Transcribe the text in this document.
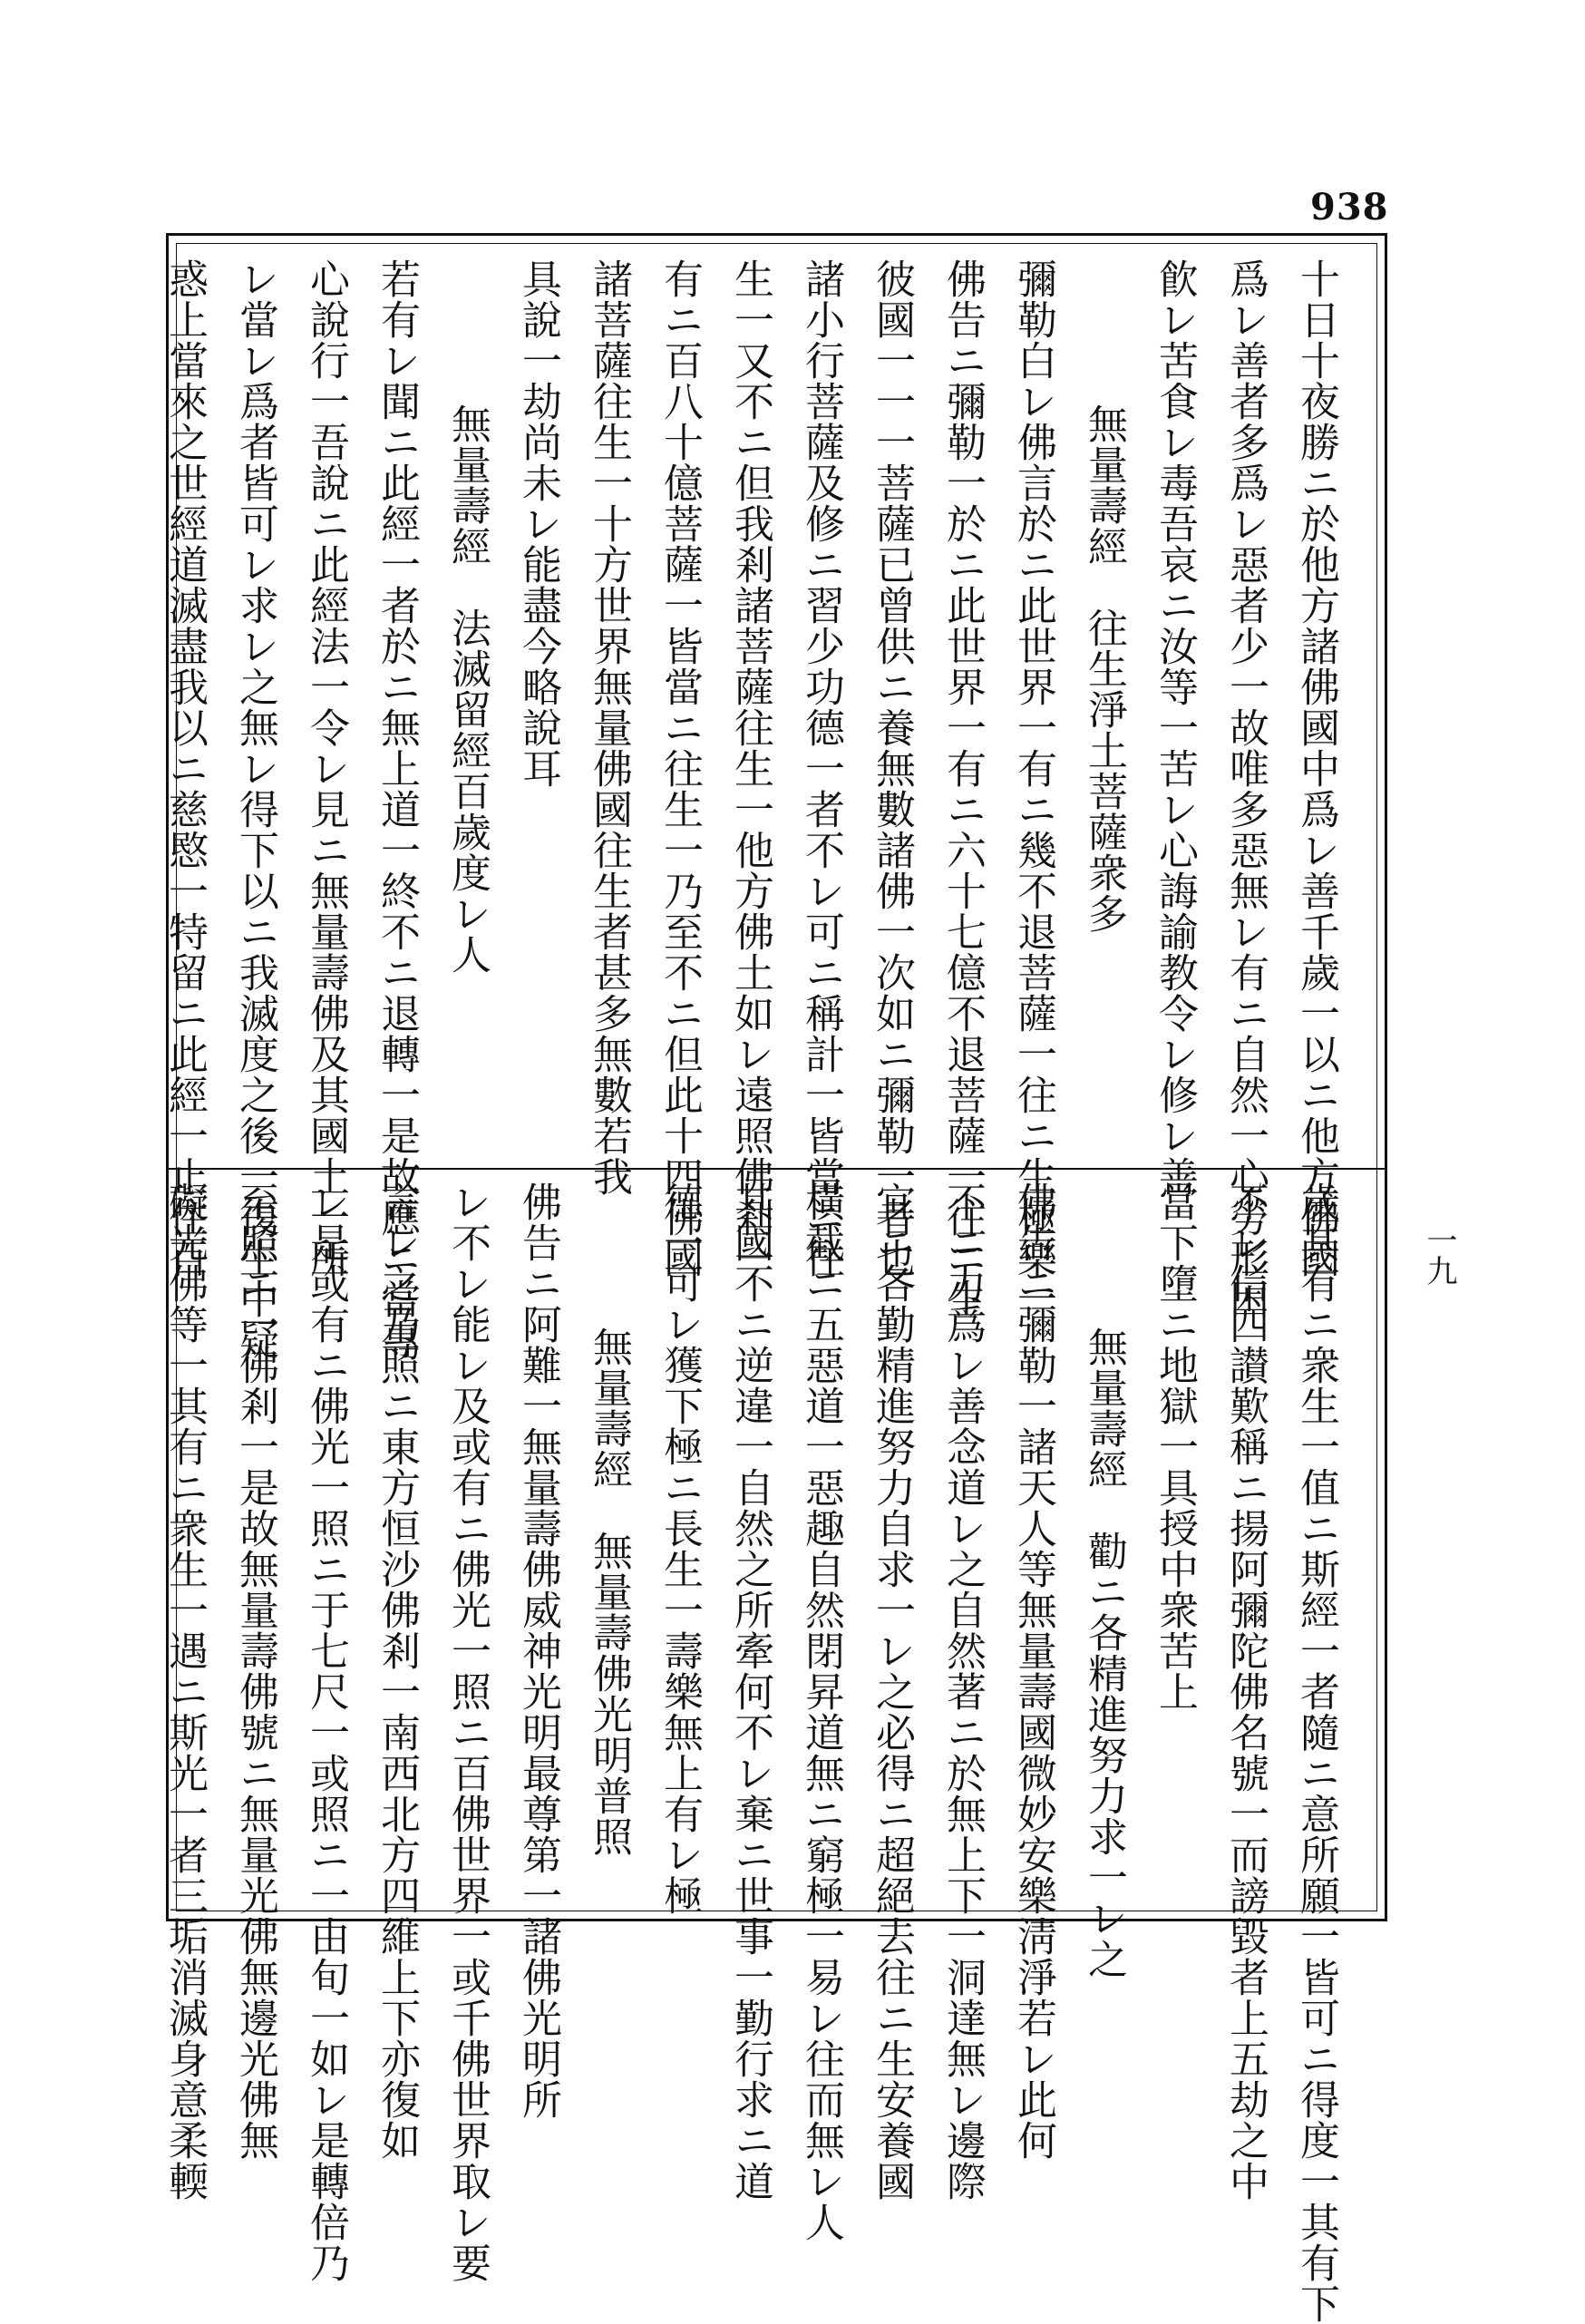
938
一九
十日十夜勝ニ於他方諸佛國中爲レ善千歲一以ニ他方佛國
爲レ善者多爲レ惡者少一故唯多惡無レ有ニ自然一心勞形困
飮レ苦食レ毒吾哀ニ汝等一苦レ心誨諭教令レ修レ善
無量壽經　往生淨土菩薩衆多
彌勒白レ佛言於ニ此世界一有ニ幾不退菩薩一往ニ生極樂一
佛告ニ彌勒一於ニ此世界一有ニ六十七億不退菩薩一往ニ生
彼國一一一菩薩已曾供ニ養無數諸佛一次如ニ彌勒一者也
諸小行菩薩及修ニ習少功德一者不レ可ニ稱計一皆當ニ往
生一又不ニ但我剎諸菩薩往生一他方佛土如レ遠照佛剎一
有ニ百八十億菩薩一皆當ニ往生一乃至不ニ但此十四佛國
諸菩薩往生一十方世界無量佛國往生者甚多無數若我
具說一劫尚未レ能盡今略說耳
無量壽經　法滅留經百歲度レ人
若有レ聞ニ此經一者於ニ無上道一終不ニ退轉一是故應ニ當專
心說行一吾說ニ此經法一令レ見ニ無量壽佛及其國土一所
レ當レ爲者皆可レ求レ之無レ得下以ニ我滅度之後一復生中疑
惑上當來之世經道滅盡我以ニ慈愍一特留ニ此經一止住百
歲其有ニ衆生一值ニ斯經一者隨ニ意所願一皆可ニ得度一其有下
不レ信四讃歎稱ニ揚阿彌陀佛名號一而謗毀者上五劫之中
當下墮ニ地獄一具授中衆苦上
無量壽經　勸ニ各精進努力求一レ之
佛告ニ彌勒一諸天人等無量壽國微妙安樂淸淨若レ此何
不ニ力爲レ善念道レ之自然著ニ於無上下一洞達無レ邊際
宜ニ各勤精進努力自求一レ之必得ニ超絕去往ニ生安養國
橫截ニ五惡道一惡趣自然閉昇道無ニ窮極一易レ往而無レ人
其國不ニ逆違一自然之所牽何不レ棄ニ世事一勤行求ニ道
德一可レ獲下極ニ長生一壽樂無上有レ極
無量壽經　無量壽佛光明普照
佛告ニ阿難一無量壽佛威神光明最尊第一諸佛光明所
レ不レ能レ及或有ニ佛光一照ニ百佛世界一或千佛世界取レ要
言レ之乃照ニ東方恒沙佛剎一南西北方四維上下亦復如
レ是或有ニ佛光一照ニ于七尺一或照ニ一由旬一如レ是轉倍乃
至照ニ一佛剎一是故無量壽佛號ニ無量光佛無邊光佛無
礙光佛等一其有ニ衆生一遇ニ斯光一者三垢消滅身意柔輭
